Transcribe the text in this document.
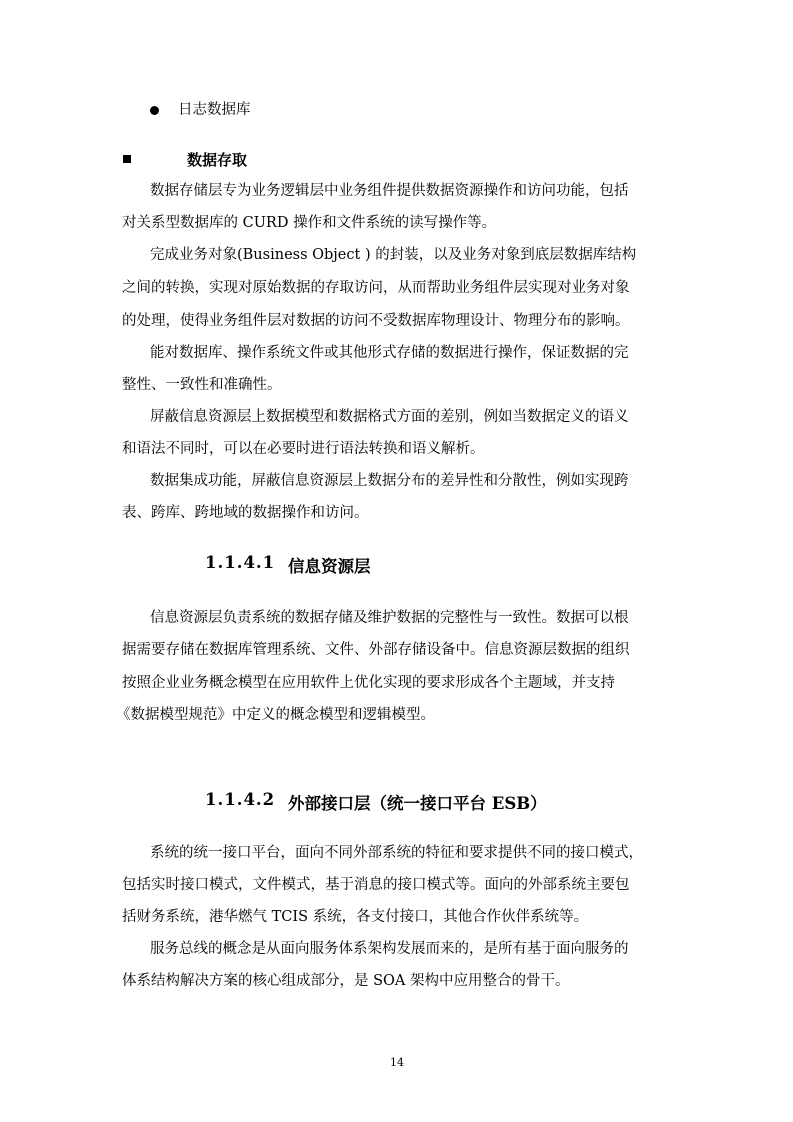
日志数据库
数据存取
数据存储层专为业务逻辑层中业务组件提供数据资源操作和访问功能，包括
对关系型数据库的 CURD 操作和文件系统的读写操作等。
完成业务对象(Business Object ) 的封装，以及业务对象到底层数据库结构
之间的转换，实现对原始数据的存取访问，从而帮助业务组件层实现对业务对象
的处理，使得业务组件层对数据的访问不受数据库物理设计、物理分布的影响。
能对数据库、操作系统文件或其他形式存储的数据进行操作，保证数据的完
整性、一致性和准确性。
屏蔽信息资源层上数据模型和数据格式方面的差别，例如当数据定义的语义
和语法不同时，可以在必要时进行语法转换和语义解析。
数据集成功能，屏蔽信息资源层上数据分布的差异性和分散性，例如实现跨
表、跨库、跨地域的数据操作和访问。
1.1.4.1 信息资源层
信息资源层负责系统的数据存储及维护数据的完整性与一致性。数据可以根
据需要存储在数据库管理系统、文件、外部存储设备中。信息资源层数据的组织
按照企业业务概念模型在应用软件上优化实现的要求形成各个主题域，并支持
《数据模型规范》中定义的概念模型和逻辑模型。
1.1.4.2 外部接口层（统一接口平台 ESB）
系统的统一接口平台，面向不同外部系统的特征和要求提供不同的接口模式，
包括实时接口模式，文件模式，基于消息的接口模式等。面向的外部系统主要包
括财务系统，港华燃气 TCIS 系统，各支付接口，其他合作伙伴系统等。
服务总线的概念是从面向服务体系架构发展而来的，是所有基于面向服务的
体系结构解决方案的核心组成部分，是 SOA 架构中应用整合的骨干。
14
